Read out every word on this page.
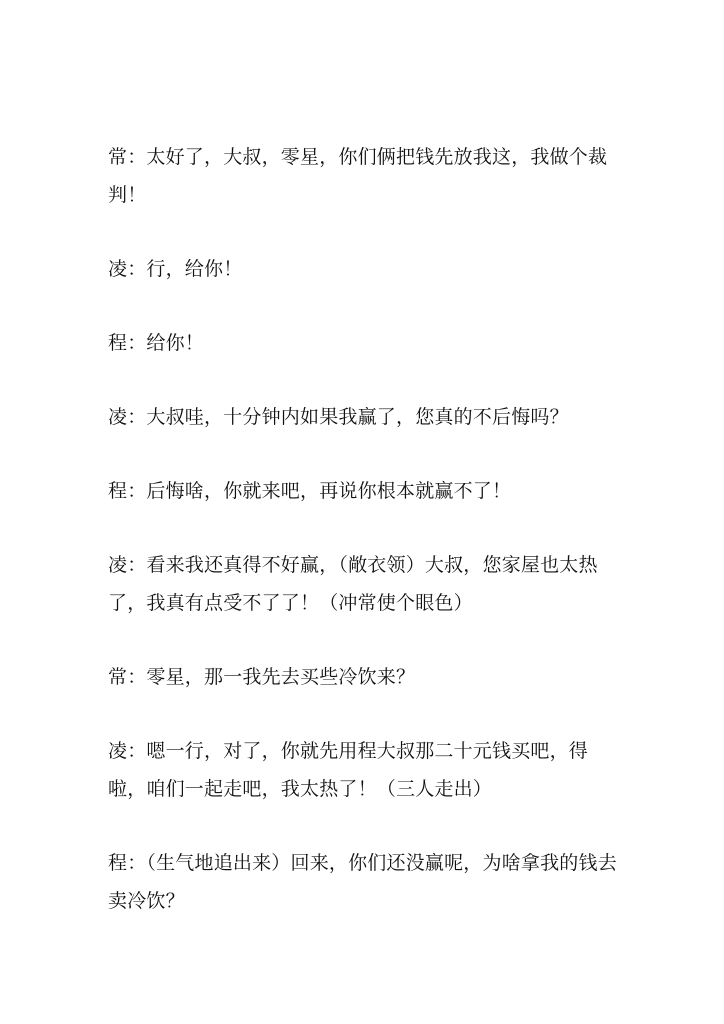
常：太好了，大叔，零星，你们俩把钱先放我这，我做个裁判！

凌：行，给你！

程：给你！

凌：大叔哇，十分钟内如果我赢了，您真的不后悔吗？

程：后悔啥，你就来吧，再说你根本就赢不了！

凌：看来我还真得不好赢，（敞衣领）大叔，您家屋也太热了，我真有点受不了了！（冲常使个眼色）

常：零星，那一我先去买些冷饮来？

凌：嗯一行，对了，你就先用程大叔那二十元钱买吧，得啦，咱们一起走吧，我太热了！（三人走出）

程：（生气地追出来）回来，你们还没赢呢，为啥拿我的钱去卖冷饮？
